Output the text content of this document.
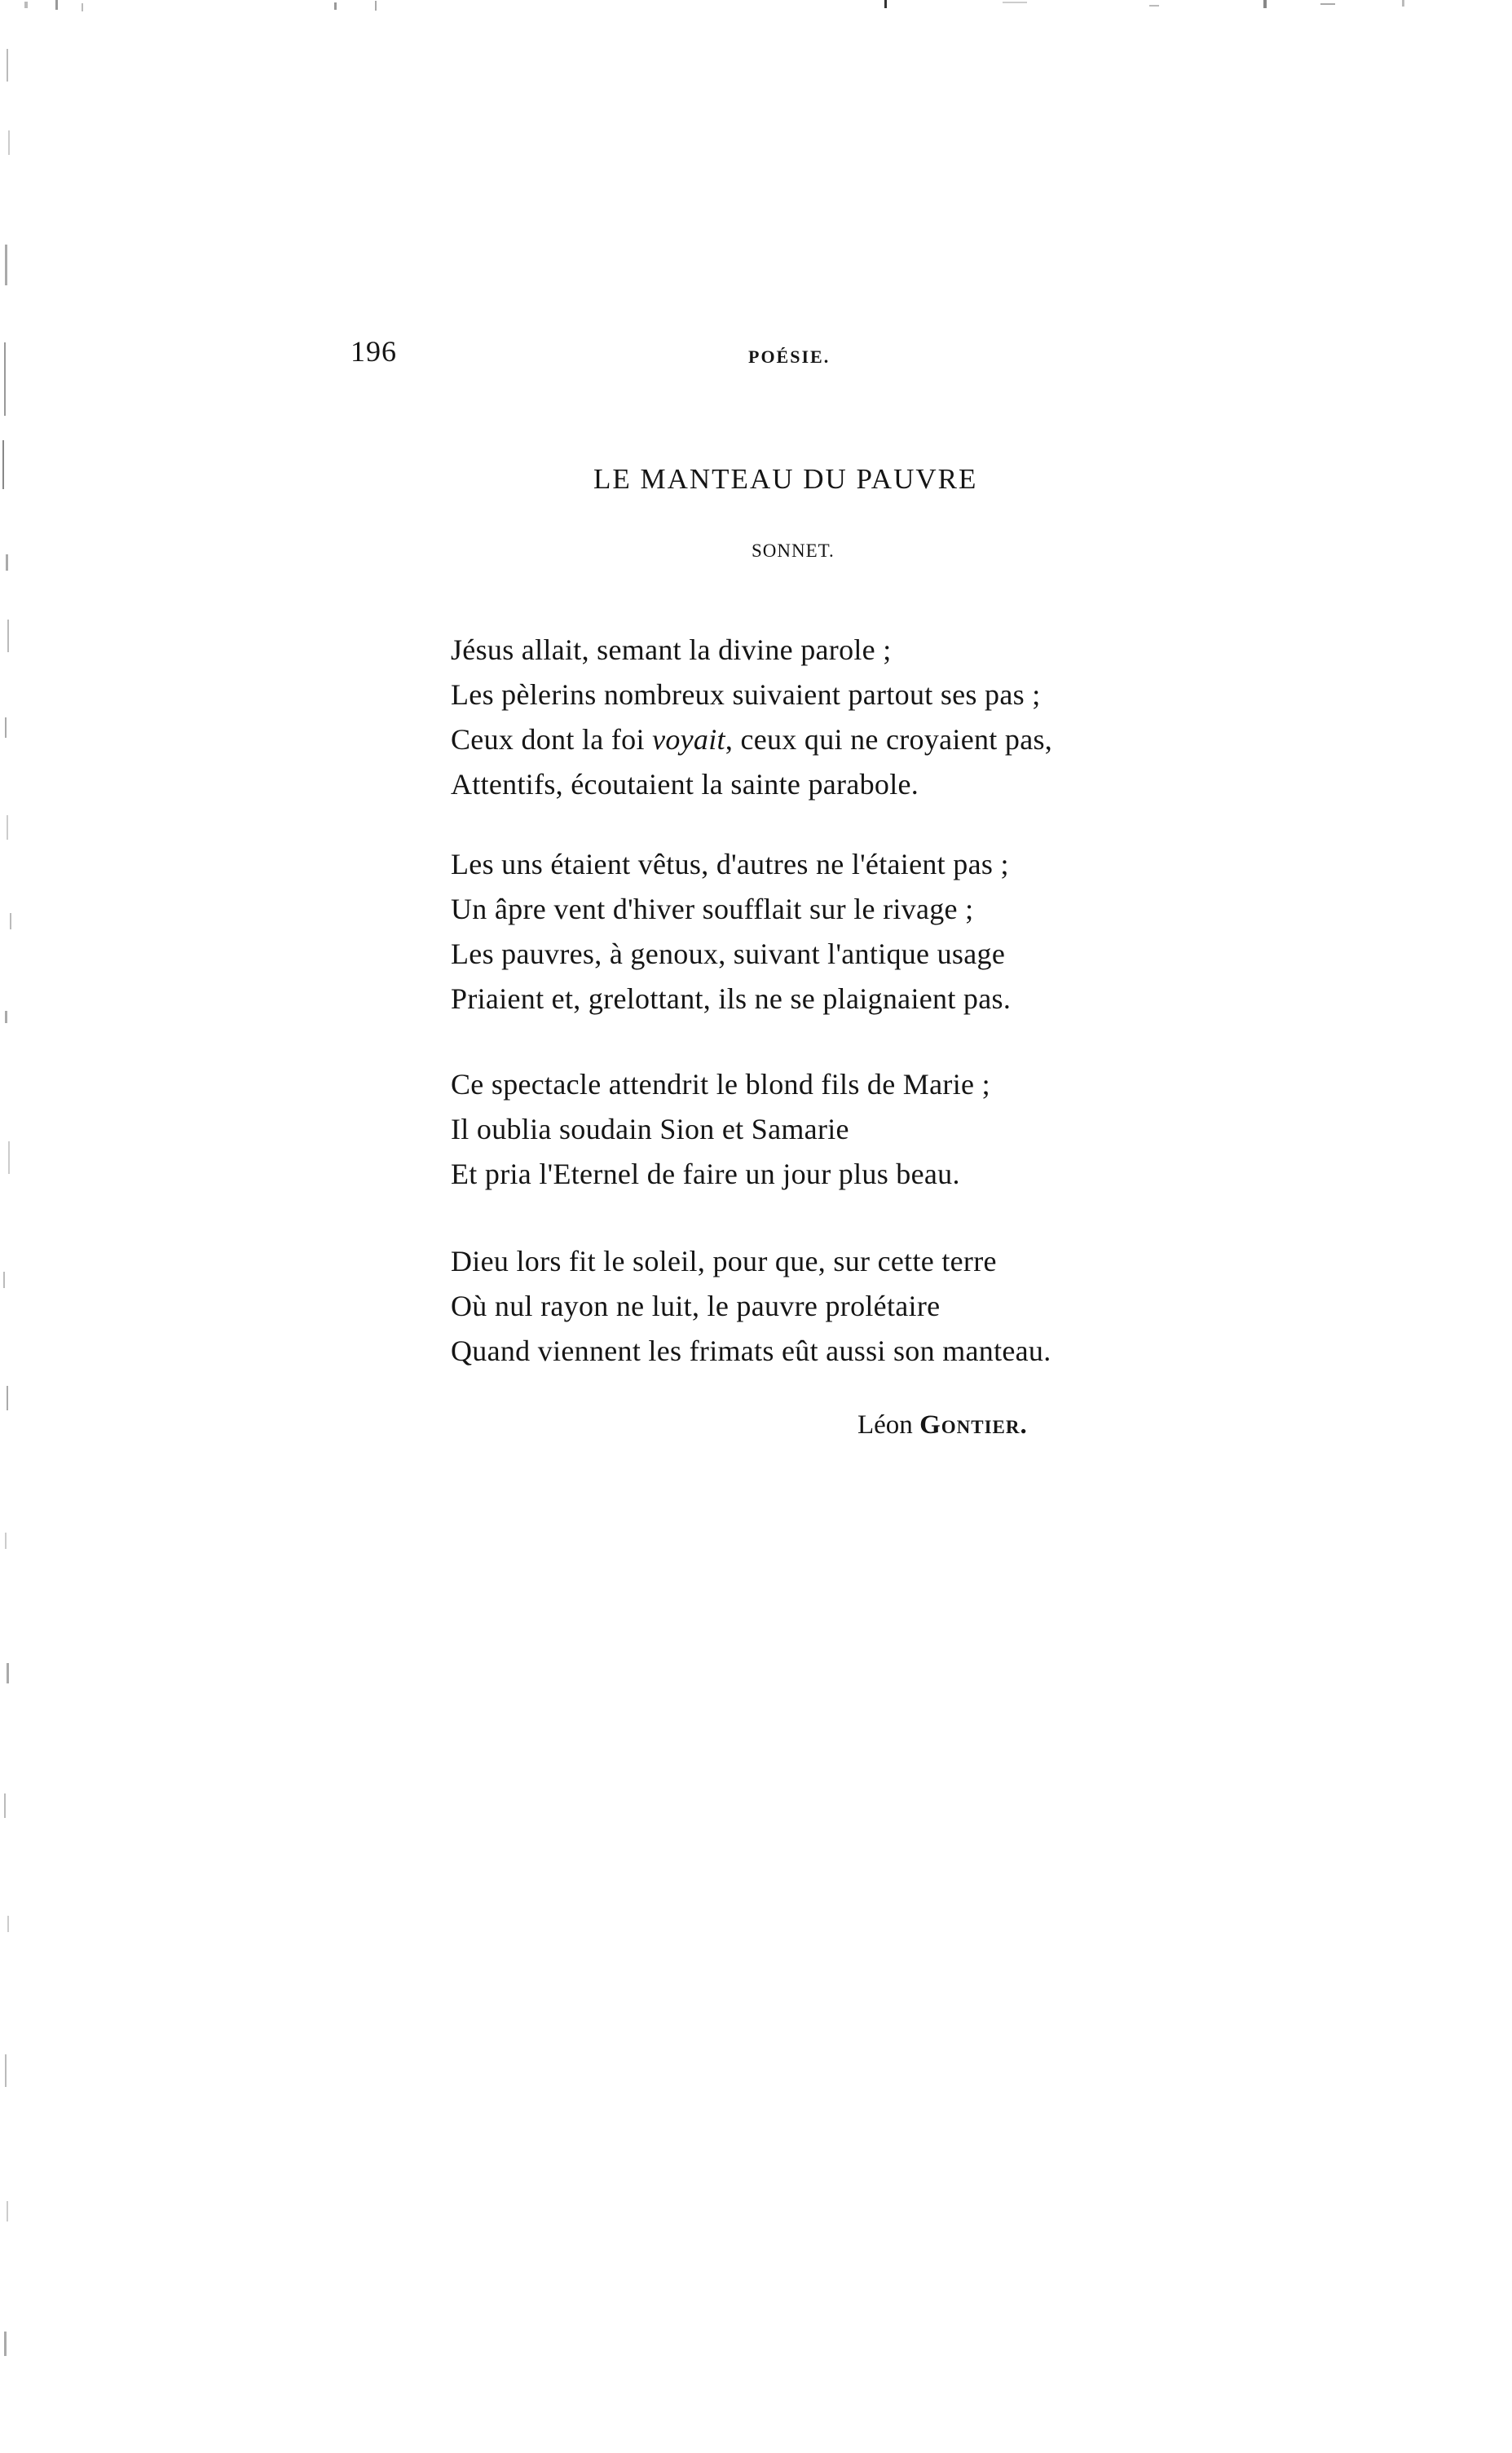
196	POÉSIE.
LE MANTEAU DU PAUVRE
SONNET.
Jésus allait, semant la divine parole ;
Les pèlerins nombreux suivaient partout ses pas ;
Ceux dont la foi voyait, ceux qui ne croyaient pas,
Attentifs, écoutaient la sainte parabole.
Les uns étaient vêtus, d'autres ne l'étaient pas ;
Un âpre vent d'hiver soufflait sur le rivage ;
Les pauvres, à genoux, suivant l'antique usage
Priaient et, grelottant, ils ne se plaignaient pas.
Ce spectacle attendrit le blond fils de Marie ;
Il oublia soudain Sion et Samarie
Et pria l'Eternel de faire un jour plus beau.
Dieu lors fit le soleil, pour que, sur cette terre
Où nul rayon ne luit, le pauvre prolétaire
Quand viennent les frimats eût aussi son manteau.
Léon Gontier.
